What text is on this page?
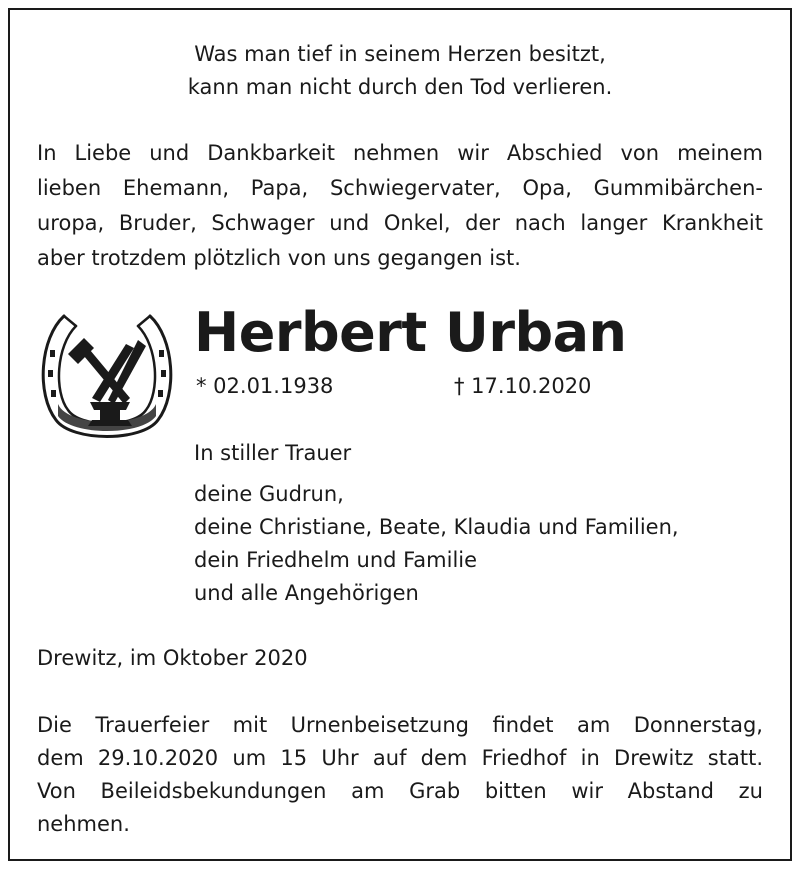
Was man tief in seinem Herzen besitzt,
kann man nicht durch den Tod verlieren.
In Liebe und Dankbarkeit nehmen wir Abschied von meinem
lieben Ehemann, Papa, Schwiegervater, Opa, Gummibärchen-
uropa, Bruder, Schwager und Onkel, der nach langer Krankheit
aber trotzdem plötzlich von uns gegangen ist.
Herbert Urban
* 02.01.1938	† 17.10.2020
In stiller Trauer
deine Gudrun,
deine Christiane, Beate, Klaudia und Familien,
dein Friedhelm und Familie
und alle Angehörigen
Drewitz, im Oktober 2020
Die Trauerfeier mit Urnenbeisetzung findet am Donnerstag,
dem 29.10.2020 um 15 Uhr auf dem Friedhof in Drewitz statt.
Von Beileidsbekundungen am Grab bitten wir Abstand zu
nehmen.
